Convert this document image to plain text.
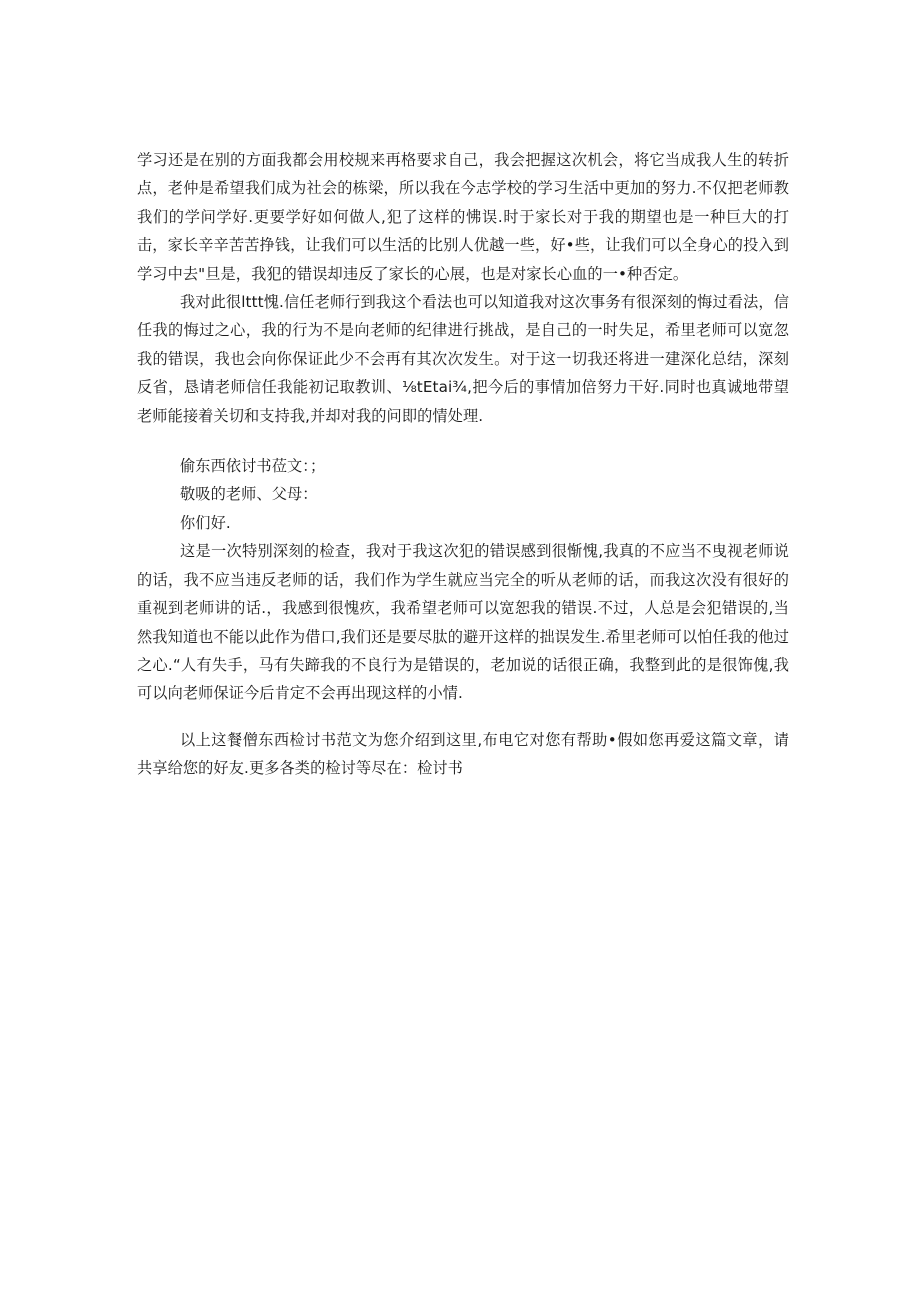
学习还是在别的方面我都会用校规来再格要求自己，我会把握这次机会，将它当成我人生的转折点，老仲是希望我们成为社会的栋梁，所以我在今志学校的学习生活中更加的努力.不仅把老师教我们的学问学好.更要学好如何做人,犯了这样的怫误.时于家长对于我的期望也是一种巨大的打击，家长辛辛苦苦挣钱，让我们可以生活的比别人优越一些，好•些，让我们可以全身心的投入到学习中去"旦是，我犯的错误却违反了家长的心展，也是对家长心血的一•种否定。

我对此很lttt愧.信任老师行到我这个看法也可以知道我对这次事务有很深刻的悔过看法，信任我的悔过之心，我的行为不是向老师的纪律进行挑战，是自己的一时失足，希里老师可以宽忽我的错误，我也会向你保证此少不会再有其次次发生。对于这一切我还将进一建深化总结，深刻反省，恳请老师信任我能初记取教训、⅛tEtai¾,把今后的事情加倍努力干好.同时也真诚地带望老师能接着关切和支持我,并却对我的问即的情处理.

偷东西依讨书莅文：；

敬吸的老师、父母：

你们好.

这是一次特别深刻的检查，我对于我这次犯的错误感到很惭愧,我真的不应当不曳视老师说的话，我不应当违反老师的话，我们作为学生就应当完全的听从老师的话，而我这次没有很好的重视到老师讲的话.，我感到很愧疚，我希望老师可以宽恕我的错误.不过，人总是会犯错误的,当然我知道也不能以此作为借口,我们还是要尽肽的避开这样的拙误发生.希里老师可以怕任我的他过之心.“人有失手，马有失蹄我的不良行为是错误的，老加说的话很正确，我整到此的是很饰傀,我可以向老师保证今后肯定不会再出现这样的小情.

以上这餐僧东西检讨书范文为您介绍到这里,布电它对您有帮助•假如您再爱这篇文章，请共享给您的好友.更多各类的检讨等尽在：检讨书
